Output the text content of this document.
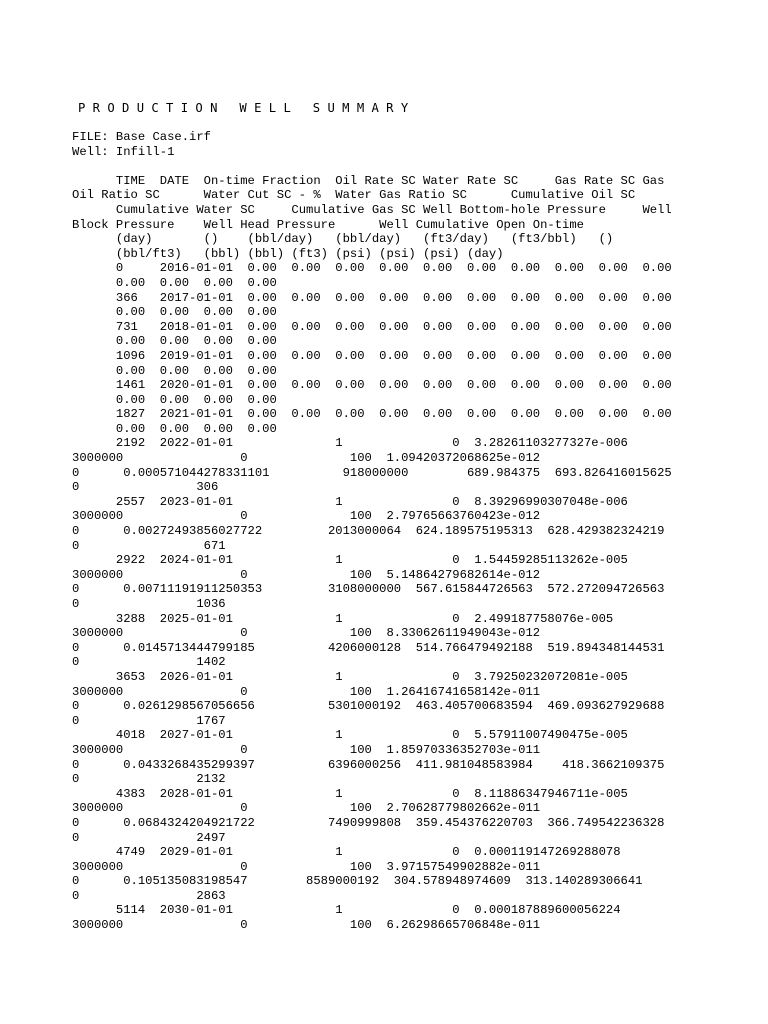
P R O D U C T I O N   W E L L   S U M M A R Y
FILE: Base Case.irf
Well: Infill-1

TIME  DATE  On-time Fraction  Oil Rate SC Water Rate SC     Gas Rate SC Gas
Oil Ratio SC      Water Cut SC - %  Water Gas Ratio SC      Cumulative Oil SC
Cumulative Water SC     Cumulative Gas SC Well Bottom-hole Pressure     Well
Block Pressure    Well Head Pressure      Well Cumulative Open On-time
(day)       ()    (bbl/day)   (bbl/day)   (ft3/day)   (ft3/bbl)   ()
(bbl/ft3)   (bbl) (bbl) (ft3) (psi) (psi) (psi) (day)
0     2016-01-01  0.00  0.00  0.00  0.00  0.00  0.00  0.00  0.00  0.00  0.00
0.00  0.00  0.00  0.00
366   2017-01-01  0.00  0.00  0.00  0.00  0.00  0.00  0.00  0.00  0.00  0.00
0.00  0.00  0.00  0.00
731   2018-01-01  0.00  0.00  0.00  0.00  0.00  0.00  0.00  0.00  0.00  0.00
0.00  0.00  0.00  0.00
1096  2019-01-01  0.00  0.00  0.00  0.00  0.00  0.00  0.00  0.00  0.00  0.00
0.00  0.00  0.00  0.00
1461  2020-01-01  0.00  0.00  0.00  0.00  0.00  0.00  0.00  0.00  0.00  0.00
0.00  0.00  0.00  0.00
1827  2021-01-01  0.00  0.00  0.00  0.00  0.00  0.00  0.00  0.00  0.00  0.00
0.00  0.00  0.00  0.00
2192  2022-01-01              1               0  3.28261103277327e-006
3000000                0              100  1.09420372068625e-012
0      0.000571044278331101          918000000        689.984375  693.826416015625
0                306
2557  2023-01-01              1               0  8.39296990307048e-006
3000000                0              100  2.79765663760423e-012
0      0.00272493856027722         2013000064  624.189575195313  628.429382324219
0                 671
2922  2024-01-01              1               0  1.54459285113262e-005
3000000                0              100  5.14864279682614e-012
0      0.00711191911250353         3108000000  567.615844726563  572.272094726563
0                1036
3288  2025-01-01              1               0  2.499187758076e-005
3000000                0              100  8.33062611949043e-012
0      0.0145713444799185          4206000128  514.766479492188  519.894348144531
0                1402
3653  2026-01-01              1               0  3.79250232072081e-005
3000000                0              100  1.26416741658142e-011
0      0.0261298567056656          5301000192  463.405700683594  469.093627929688
0                1767
4018  2027-01-01              1               0  5.57911007490475e-005
3000000                0              100  1.85970336352703e-011
0      0.0433268435299397          6396000256  411.981048583984    418.3662109375
0                2132
4383  2028-01-01              1               0  8.11886347946711e-005
3000000                0              100  2.70628779802662e-011
0      0.0684324204921722          7490999808  359.454376220703  366.749542236328
0                2497
4749  2029-01-01              1               0  0.000119147269288078
3000000                0              100  3.97157549902882e-011
0      0.105135083198547        8589000192  304.578948974609  313.140289306641
0                2863
5114  2030-01-01              1               0  0.000187889600056224
3000000                0              100  6.26298665706848e-011
